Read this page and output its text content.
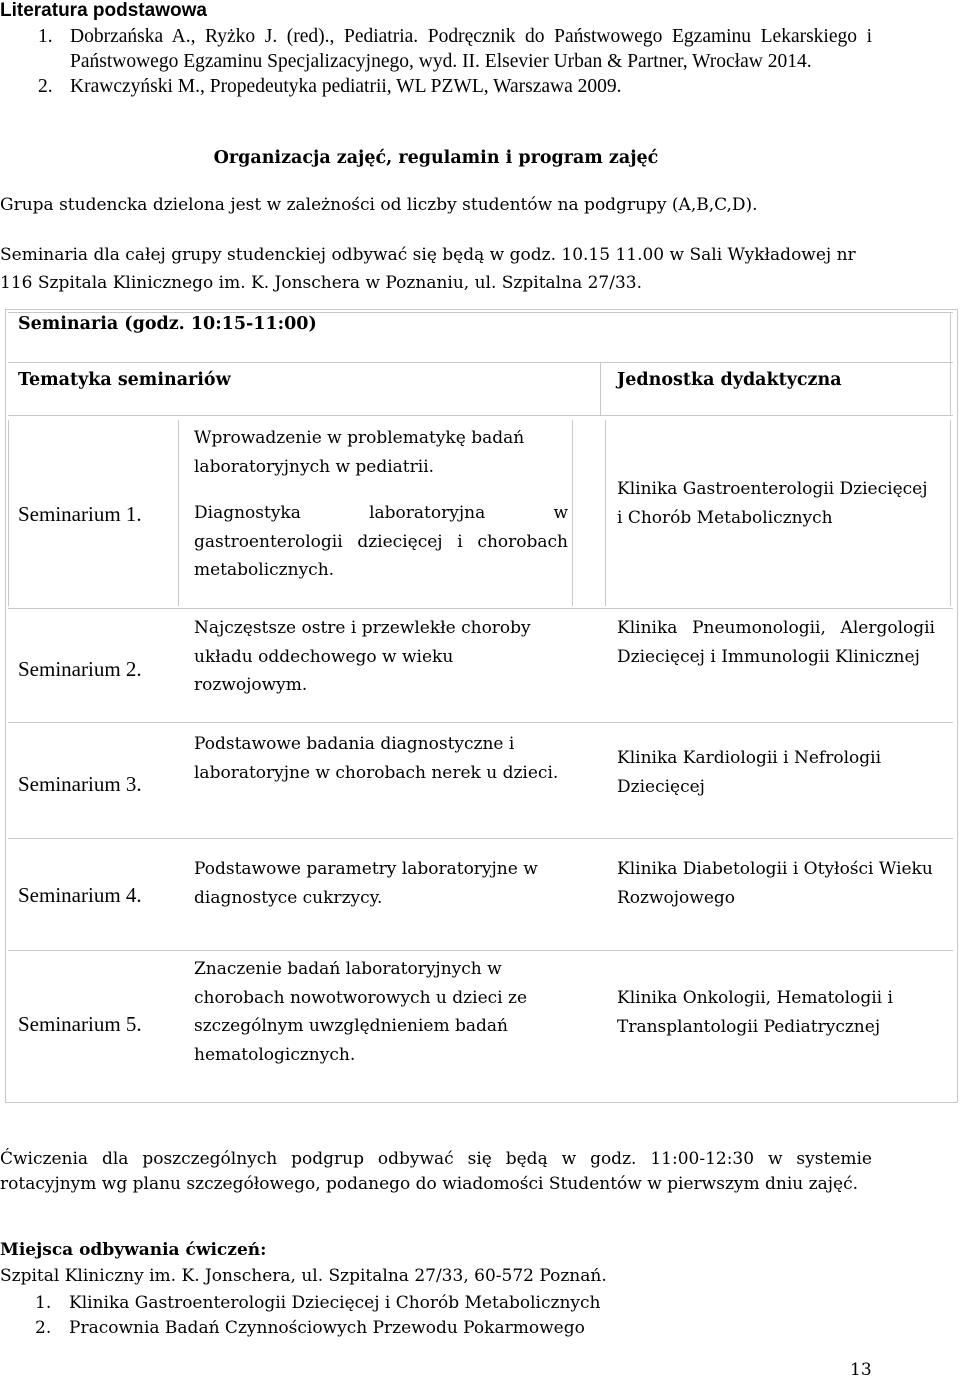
Literatura podstawowa
1. Dobrzańska A., Ryżko J. (red)., Pediatria. Podręcznik do Państwowego Egzaminu Lekarskiego i Państwowego Egzaminu Specjalizacyjnego, wyd. II. Elsevier Urban & Partner, Wrocław 2014.
2. Krawczyński M., Propedeutyka pediatrii, WL PZWL, Warszawa 2009.
Organizacja zajęć, regulamin i program zajęć
Grupa studencka dzielona jest w zależności od liczby studentów na podgrupy (A,B,C,D).
Seminaria dla całej grupy studenckiej odbywać się będą w godz. 10.15 11.00 w Sali Wykładowej nr 116 Szpitala Klinicznego im. K. Jonschera w Poznaniu, ul. Szpitalna 27/33.
Seminaria (godz. 10:15-11:00)
Tematyka seminariów	Jednostka dydaktyczna
Seminarium 1.
Wprowadzenie w problematykę badań laboratoryjnych w pediatrii.
Diagnostyka laboratoryjna w gastroenterologii dziecięcej i chorobach metabolicznych.
Klinika Gastroenterologii Dziecięcej i Chorób Metabolicznych
Seminarium 2.
Najczęstsze ostre i przewlekłe choroby układu oddechowego w wieku rozwojowym.
Klinika Pneumonologii, Alergologii Dziecięcej i Immunologii Klinicznej
Seminarium 3.
Podstawowe badania diagnostyczne i laboratoryjne w chorobach nerek u dzieci.
Klinika Kardiologii i Nefrologii Dziecięcej
Seminarium 4.
Podstawowe parametry laboratoryjne w diagnostyce cukrzycy.
Klinika Diabetologii i Otyłości Wieku Rozwojowego
Seminarium 5.
Znaczenie badań laboratoryjnych w chorobach nowotworowych u dzieci ze szczególnym uwzględnieniem badań hematologicznych.
Klinika Onkologii, Hematologii i Transplantologii Pediatrycznej
Ćwiczenia dla poszczególnych podgrup odbywać się będą w godz. 11:00-12:30 w systemie rotacyjnym wg planu szczegółowego, podanego do wiadomości Studentów w pierwszym dniu zajęć.
Miejsca odbywania ćwiczeń:
Szpital Kliniczny im. K. Jonschera, ul. Szpitalna 27/33, 60-572 Poznań.
1. Klinika Gastroenterologii Dziecięcej i Chorób Metabolicznych
2. Pracownia Badań Czynnościowych Przewodu Pokarmowego
13
